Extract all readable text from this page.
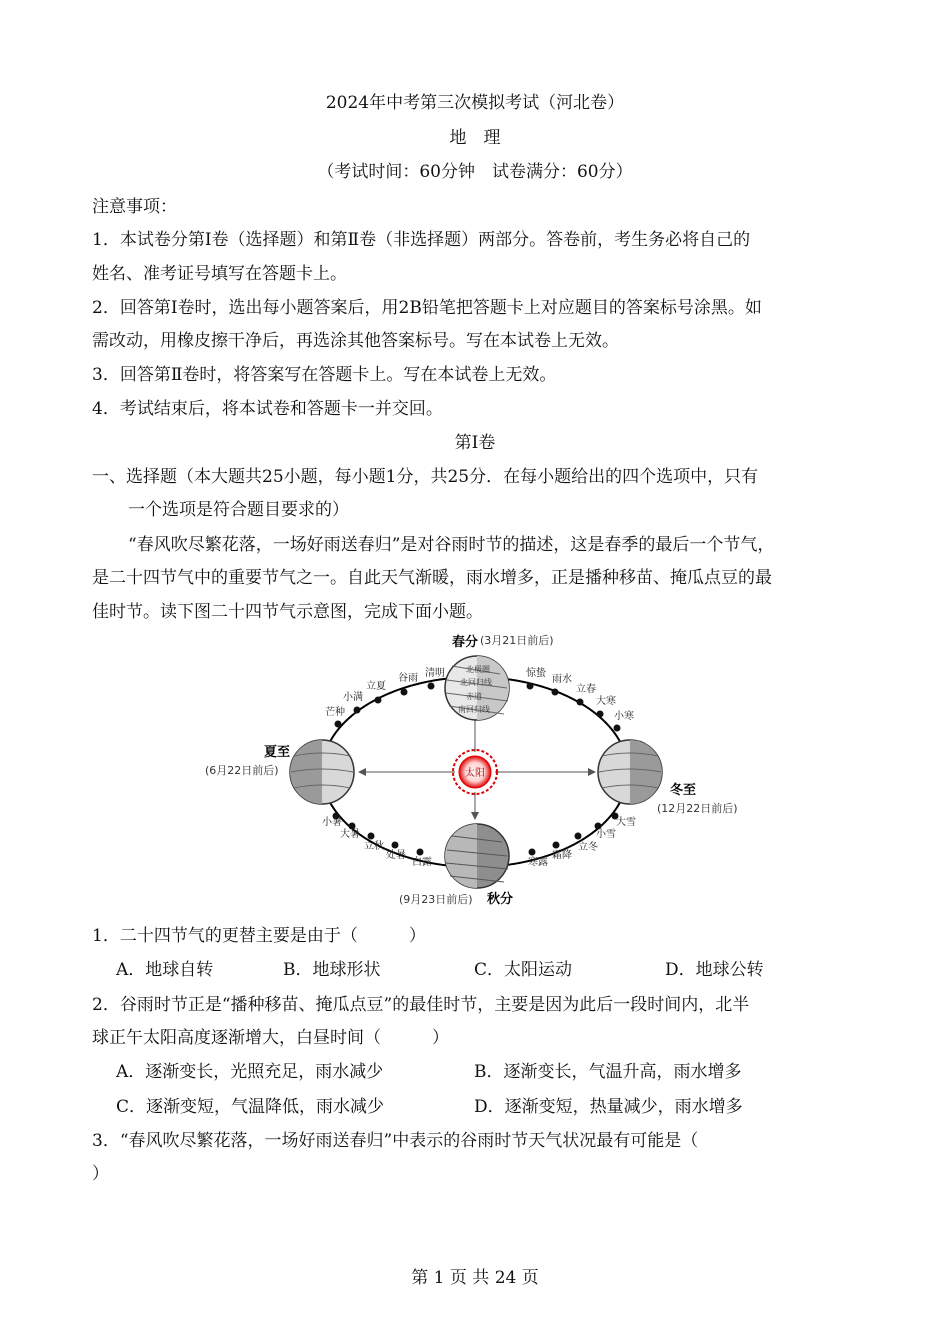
2024年中考第三次模拟考试（河北卷）
地　理
（考试时间：60分钟　试卷满分：60分）
注意事项：
1．本试卷分第Ⅰ卷（选择题）和第Ⅱ卷（非选择题）两部分。答卷前，考生务必将自己的
姓名、准考证号填写在答题卡上。
2．回答第Ⅰ卷时，选出每小题答案后，用2B铅笔把答题卡上对应题目的答案标号涂黑。如
需改动，用橡皮擦干净后，再选涂其他答案标号。写在本试卷上无效。
3．回答第Ⅱ卷时，将答案写在答题卡上。写在本试卷上无效。
4．考试结束后，将本试卷和答题卡一并交回。
第Ⅰ卷
一、选择题（本大题共25小题，每小题1分，共25分．在每小题给出的四个选项中，只有
一个选项是符合题目要求的）
“春风吹尽繁花落，一场好雨送春归”是对谷雨时节的描述，这是春季的最后一个节气，
是二十四节气中的重要节气之一。自此天气渐暖，雨水增多，正是播种移苗、掩瓜点豆的最
佳时节。读下图二十四节气示意图，完成下面小题。
太阳
北极圈
北回归线
赤道
南回归线
春分 (3月21日前后)
夏至
(6月22日前后)
冬至
(12月22日前后)
(9月23日前后) 秋分
清明
谷雨
立夏
小满
芒种
惊蛰
雨水
立春
大寒
小寒
小暑
大暑
立秋
处暑
白露	寒露
霜降
立冬
小雪
大雪
1．二十四节气的更替主要是由于（　　　）
A．地球自转	B．地球形状	C．太阳运动	D．地球公转
2．谷雨时节正是“播种移苗、掩瓜点豆”的最佳时节，主要是因为此后一段时间内，北半
球正午太阳高度逐渐增大，白昼时间（　　　）
A．逐渐变长，光照充足，雨水减少	B．逐渐变长，气温升高，雨水增多
C．逐渐变短，气温降低，雨水减少	D．逐渐变短，热量减少，雨水增多
3．“春风吹尽繁花落，一场好雨送春归”中表示的谷雨时节天气状况最有可能是（
）
第 1 页 共 24 页
